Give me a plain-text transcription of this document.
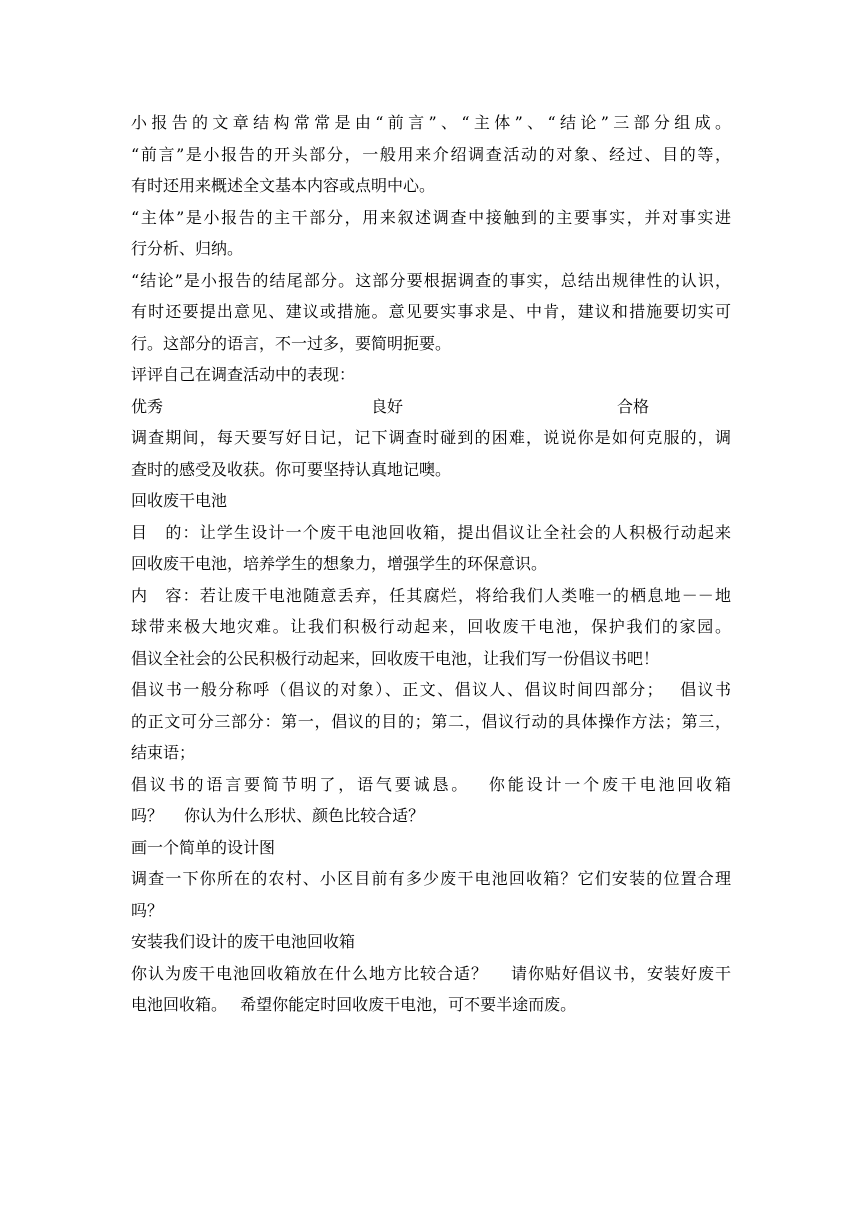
小报告的文章结构常常是由“前言”、“主体”、“结论”三部分组成。
“前言”是小报告的开头部分，一般用来介绍调查活动的对象、经过、目的等，
有时还用来概述全文基本内容或点明中心。
“主体”是小报告的主干部分，用来叙述调查中接触到的主要事实，并对事实进
行分析、归纳。
“结论”是小报告的结尾部分。这部分要根据调查的事实，总结出规律性的认识，
有时还要提出意见、建议或措施。意见要实事求是、中肯，建议和措施要切实可
行。这部分的语言，不一过多，要简明扼要。
评评自己在调查活动中的表现：
优秀	良好	合格
调查期间，每天要写好日记，记下调查时碰到的困难，说说你是如何克服的，调
查时的感受及收获。你可要坚持认真地记噢。
回收废干电池
目　的：让学生设计一个废干电池回收箱，提出倡议让全社会的人积极行动起来
回收废干电池，培养学生的想象力，增强学生的环保意识。
内　容：若让废干电池随意丢弃，任其腐烂，将给我们人类唯一的栖息地－－地
球带来极大地灾难。让我们积极行动起来，回收废干电池，保护我们的家园。
倡议全社会的公民积极行动起来，回收废干电池，让我们写一份倡议书吧！
倡议书一般分称呼（倡议的对象）、正文、倡议人、倡议时间四部分；　 倡议书
的正文可分三部分：第一，倡议的目的；第二，倡议行动的具体操作方法；第三，
结束语；
倡议书的语言要简节明了，语气要诚恳。　 你能设计一个废干电池回收箱
吗？　 你认为什么形状、颜色比较合适？
画一个简单的设计图
调查一下你所在的农村、小区目前有多少废干电池回收箱？它们安装的位置合理
吗？
安装我们设计的废干电池回收箱
你认为废干电池回收箱放在什么地方比较合适？　 请你贴好倡议书，安装好废干
电池回收箱。　 希望你能定时回收废干电池，可不要半途而废。
